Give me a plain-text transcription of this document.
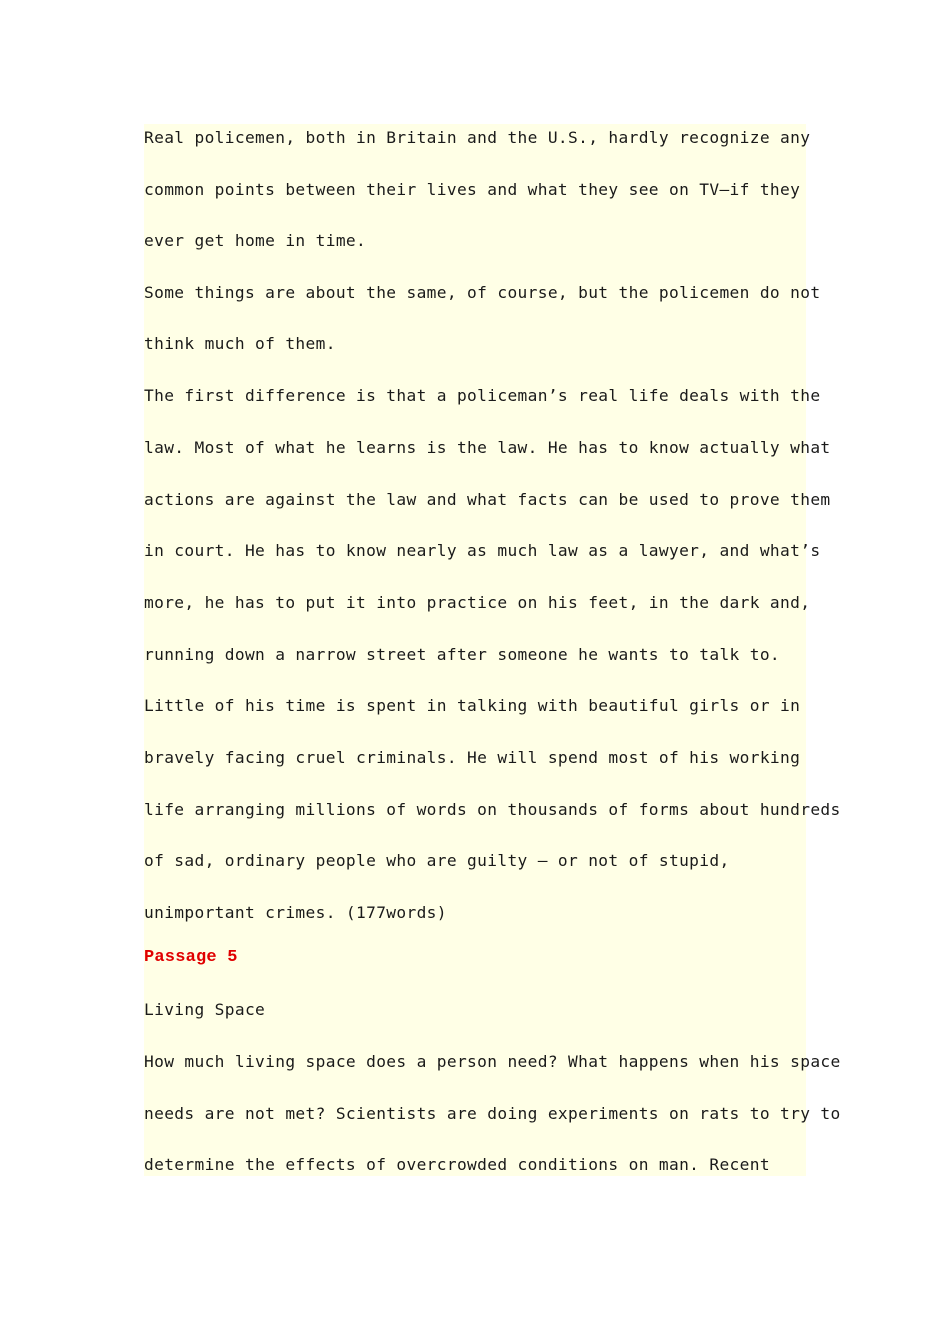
Real policemen, both in Britain and the U.S., hardly recognize any
common points between their lives and what they see on TV—if they
ever get home in time.
Some things are about the same, of course, but the policemen do not
think much of them.
The first difference is that a policeman’s real life deals with the
law. Most of what he learns is the law. He has to know actually what
actions are against the law and what facts can be used to prove them
in court. He has to know nearly as much law as a lawyer, and what’s
more, he has to put it into practice on his feet, in the dark and,
running down a narrow street after someone he wants to talk to.
Little of his time is spent in talking with beautiful girls or in
bravely facing cruel criminals. He will spend most of his working
life arranging millions of words on thousands of forms about hundreds
of sad, ordinary people who are guilty — or not of stupid,
unimportant crimes. (177words)
Passage 5
Living Space
How much living space does a person need? What happens when his space
needs are not met? Scientists are doing experiments on rats to try to
determine the effects of overcrowded conditions on man. Recent
